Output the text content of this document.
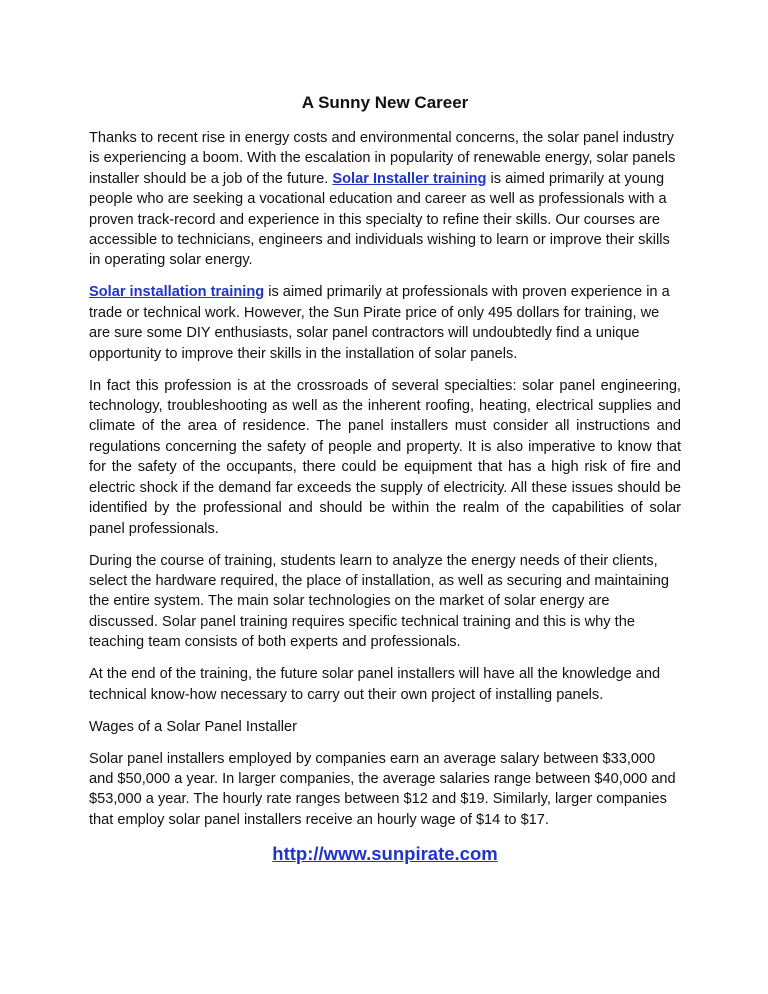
A Sunny New Career

Thanks to recent rise in energy costs and environmental concerns, the solar panel industry is experiencing a boom. With the escalation in popularity of renewable energy, solar panels installer should be a job of the future. Solar Installer training is aimed primarily at young people who are seeking a vocational education and career as well as professionals with a proven track-record and experience in this specialty to refine their skills. Our courses are accessible to technicians, engineers and individuals wishing to learn or improve their skills in operating solar energy.

Solar installation training is aimed primarily at professionals with proven experience in a trade or technical work. However, the Sun Pirate price of only 495 dollars for training, we are sure some DIY enthusiasts, solar panel contractors will undoubtedly find a unique opportunity to improve their skills in the installation of solar panels.

In fact this profession is at the crossroads of several specialties: solar panel engineering, technology, troubleshooting as well as the inherent roofing, heating, electrical supplies and climate of the area of residence. The panel installers must consider all instructions and regulations concerning the safety of people and property. It is also imperative to know that for the safety of the occupants, there could be equipment that has a high risk of fire and electric shock if the demand far exceeds the supply of electricity. All these issues should be identified by the professional and should be within the realm of the capabilities of solar panel professionals.

During the course of training, students learn to analyze the energy needs of their clients, select the hardware required, the place of installation, as well as securing and maintaining the entire system. The main solar technologies on the market of solar energy are discussed. Solar panel training requires specific technical training and this is why the teaching team consists of both experts and professionals.

At the end of the training, the future solar panel installers will have all the knowledge and technical know-how necessary to carry out their own project of installing panels.

Wages of a Solar Panel Installer

Solar panel installers employed by companies earn an average salary between $33,000 and $50,000 a year. In larger companies, the average salaries range between $40,000 and $53,000 a year. The hourly rate ranges between $12 and $19. Similarly, larger companies that employ solar panel installers receive an hourly wage of $14 to $17.

http://www.sunpirate.com
